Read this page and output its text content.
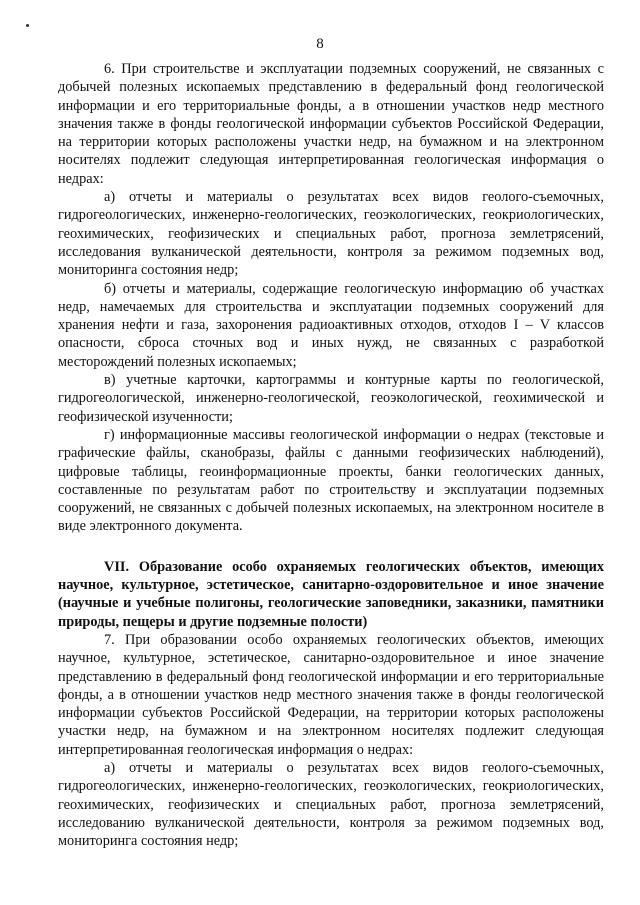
8

6. При строительстве и эксплуатации подземных сооружений, не связанных с добычей полезных ископаемых представлению в федеральный фонд геологической информации и его территориальные фонды, а в отношении участков недр местного значения также в фонды геологической информации субъектов Российской Федерации, на территории которых расположены участки недр, на бумажном и на электронном носителях подлежит следующая интерпретированная геологическая информация о недрах:

а) отчеты и материалы о результатах всех видов геолого-съемочных, гидрогеологических, инженерно-геологических, геоэкологических, геокриологических, геохимических, геофизических и специальных работ, прогноза землетрясений, исследования вулканической деятельности, контроля за режимом подземных вод, мониторинга состояния недр;

б) отчеты и материалы, содержащие геологическую информацию об участках недр, намечаемых для строительства и эксплуатации подземных сооружений для хранения нефти и газа, захоронения радиоактивных отходов, отходов I – V классов опасности, сброса сточных вод и иных нужд, не связанных с разработкой месторождений полезных ископаемых;

в) учетные карточки, картограммы и контурные карты по геологической, гидрогеологической, инженерно-геологической, геоэкологической, геохимической и геофизической изученности;

г) информационные массивы геологической информации о недрах (текстовые и графические файлы, сканобразы, файлы с данными геофизических наблюдений), цифровые таблицы, геоинформационные проекты, банки геологических данных, составленные по результатам работ по строительству и эксплуатации подземных сооружений, не связанных с добычей полезных ископаемых, на электронном носителе в виде электронного документа.

VII. Образование особо охраняемых геологических объектов, имеющих научное, культурное, эстетическое, санитарно-оздоровительное и иное значение (научные и учебные полигоны, геологические заповедники, заказники, памятники природы, пещеры и другие подземные полости)

7. При образовании особо охраняемых геологических объектов, имеющих научное, культурное, эстетическое, санитарно-оздоровительное и иное значение представлению в федеральный фонд геологической информации и его территориальные фонды, а в отношении участков недр местного значения также в фонды геологической информации субъектов Российской Федерации, на территории которых расположены участки недр, на бумажном и на электронном носителях подлежит следующая интерпретированная геологическая информация о недрах:

а) отчеты и материалы о результатах всех видов геолого-съемочных, гидрогеологических, инженерно-геологических, геоэкологических, геокриологических, геохимических, геофизических и специальных работ, прогноза землетрясений, исследованию вулканической деятельности, контроля за режимом подземных вод, мониторинга состояния недр;
